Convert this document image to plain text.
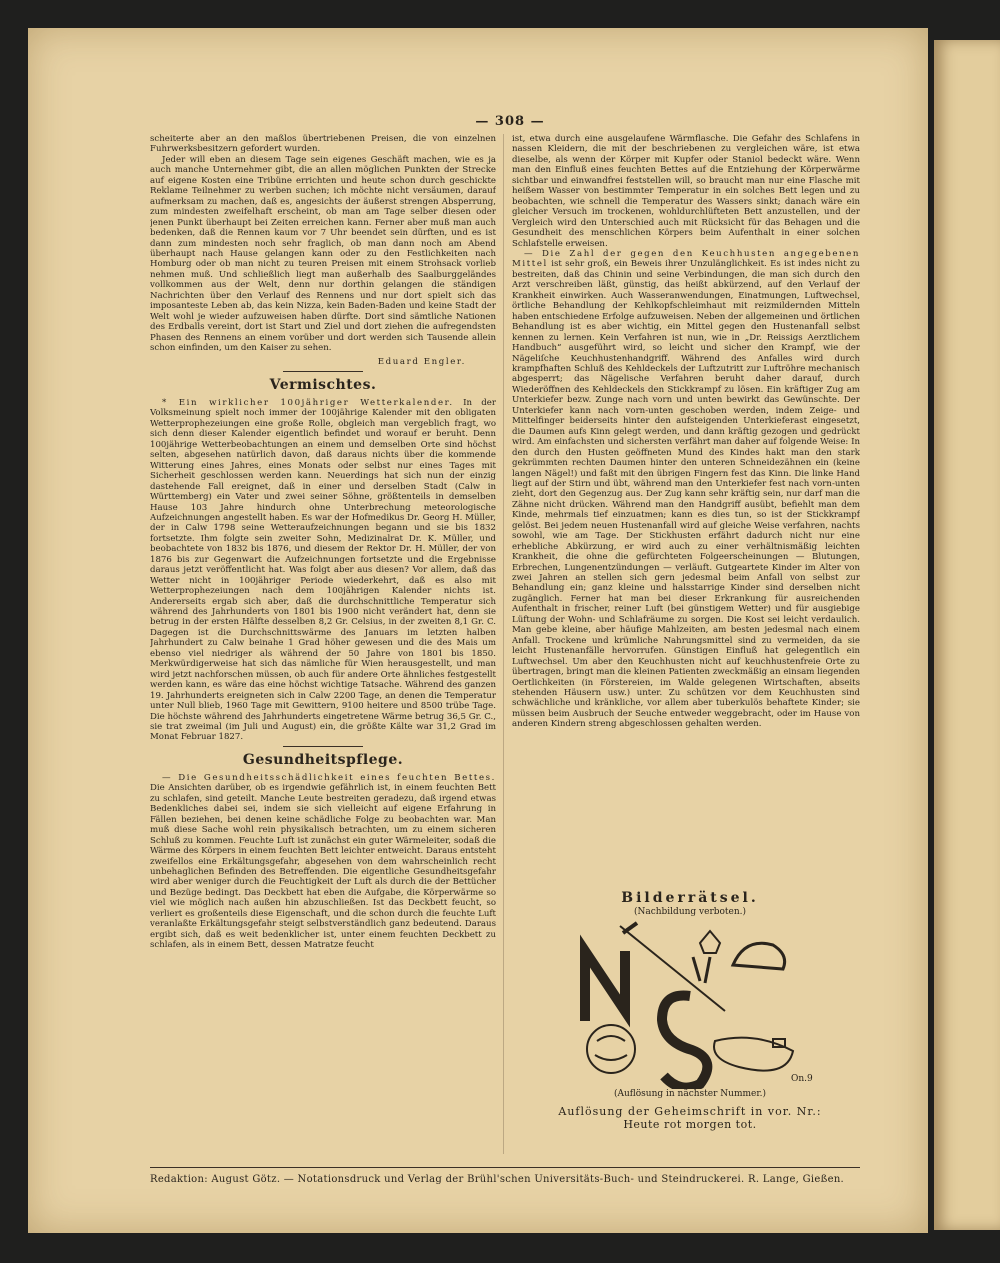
— 308 —

scheiterte aber an den maßlos übertriebenen Preisen, die von einzelnen Fuhrwerksbesitzern gefordert wurden.

Jeder will eben an diesem Tage sein eigenes Geschäft machen, wie es ja auch manche Unternehmer gibt, die an allen möglichen Punkten der Strecke auf eigene Kosten eine Tribüne errichten und heute schon durch geschickte Reklame Teilnehmer zu werben suchen; ich möchte nicht versäumen, darauf aufmerksam zu machen, daß es, angesichts der äußerst strengen Absperrung, zum mindesten zweifelhaft erscheint, ob man am Tage selber diesen oder jenen Punkt überhaupt bei Zeiten erreichen kann. Ferner aber muß man auch bedenken, daß die Rennen kaum vor 7 Uhr beendet sein dürften, und es ist dann zum mindesten noch sehr fraglich, ob man dann noch am Abend überhaupt nach Hause gelangen kann oder zu den Festlichkeiten nach Homburg oder ob man nicht zu teuren Preisen mit einem Strohsack vorlieb nehmen muß. Und schließlich liegt man außerhalb des Saalburggeländes vollkommen aus der Welt, denn nur dorthin gelangen die ständigen Nachrichten über den Verlauf des Rennens und nur dort spielt sich das imposanteste Leben ab, das kein Nizza, kein Baden-Baden und keine Stadt der Welt wohl je wieder aufzuweisen haben dürfte. Dort sind sämtliche Nationen des Erdballs vereint, dort ist Start und Ziel und dort ziehen die aufregendsten Phasen des Rennens an einem vorüber und dort werden sich Tausende allein schon einfinden, um den Kaiser zu sehen.

Eduard Engler.

Vermischtes.

* Ein wirklicher 100jähriger Wetterkalender. In der Volksmeinung spielt noch immer der 100jährige Kalender mit den obligaten Wetterprophezeiungen eine große Rolle, obgleich man vergeblich fragt, wo sich denn dieser Kalender eigentlich befindet und worauf er beruht. Denn 100jährige Wetterbeobachtungen an einem und demselben Orte sind höchst selten, abgesehen natürlich davon, daß daraus nichts über die kommende Witterung eines Jahres, eines Monats oder selbst nur eines Tages mit Sicherheit geschlossen werden kann. Neuerdings hat sich nun der einzig dastehende Fall ereignet, daß in einer und derselben Stadt (Calw in Württemberg) ein Vater und zwei seiner Söhne, größtenteils in demselben Hause 103 Jahre hindurch ohne Unterbrechung meteorologische Aufzeichnungen angestellt haben. Es war der Hofmedikus Dr. Georg H. Müller, der in Calw 1798 seine Wetteraufzeichnungen begann und sie bis 1832 fortsetzte. Ihm folgte sein zweiter Sohn, Medizinalrat Dr. K. Müller, und beobachtete von 1832 bis 1876, und diesem der Rektor Dr. H. Müller, der von 1876 bis zur Gegenwart die Aufzeichnungen fortsetzte und die Ergebnisse daraus jetzt veröffentlicht hat. Was folgt aber aus diesen? Vor allem, daß das Wetter nicht in 100jähriger Periode wiederkehrt, daß es also mit Wetterprophezeiungen nach dem 100jährigen Kalender nichts ist. Andererseits ergab sich aber, daß die durchschnittliche Temperatur sich während des Jahrhunderts von 1801 bis 1900 nicht verändert hat, denn sie betrug in der ersten Hälfte desselben 8,2 Gr. Celsius, in der zweiten 8,1 Gr. C. Dagegen ist die Durchschnittswärme des Januars im letzten halben Jahrhundert zu Calw beinahe 1 Grad höher gewesen und die des Mais um ebenso viel niedriger als während der 50 Jahre von 1801 bis 1850. Merkwürdigerweise hat sich das nämliche für Wien herausgestellt, und man wird jetzt nachforschen müssen, ob auch für andere Orte ähnliches festgestellt werden kann, es wäre das eine höchst wichtige Tatsache. Während des ganzen 19. Jahrhunderts ereigneten sich in Calw 2200 Tage, an denen die Temperatur unter Null blieb, 1960 Tage mit Gewittern, 9100 heitere und 8500 trübe Tage. Die höchste während des Jahrhunderts eingetretene Wärme betrug 36,5 Gr. C., sie trat zweimal (im Juli und August) ein, die größte Kälte war 31,2 Grad im Monat Februar 1827.

Gesundheitspflege.

— Die Gesundheitsschädlichkeit eines feuchten Bettes. Die Ansichten darüber, ob es irgendwie gefährlich ist, in einem feuchten Bett zu schlafen, sind geteilt. Manche Leute bestreiten geradezu, daß irgend etwas Bedenkliches dabei sei, indem sie sich vielleicht auf eigene Erfahrung in Fällen beziehen, bei denen keine schädliche Folge zu beobachten war. Man muß diese Sache wohl rein physikalisch betrachten, um zu einem sicheren Schluß zu kommen. Feuchte Luft ist zunächst ein guter Wärmeleiter, sodaß die Wärme des Körpers in einem feuchten Bett leichter entweicht. Daraus entsteht zweifellos eine Erkältungsgefahr, abgesehen von dem wahrscheinlich recht unbehaglichen Befinden des Betreffenden. Die eigentliche Gesundheitsgefahr wird aber weniger durch die Feuchtigkeit der Luft als durch die der Bettücher und Bezüge bedingt. Das Deckbett hat eben die Aufgabe, die Körperwärme so viel wie möglich nach außen hin abzuschließen. Ist das Deckbett feucht, so verliert es großenteils diese Eigenschaft, und die schon durch die feuchte Luft veranlaßte Erkältungsgefahr steigt selbstverständlich ganz bedeutend. Daraus ergibt sich, daß es weit bedenklicher ist, unter einem feuchten Deckbett zu schlafen, als in einem Bett, dessen Matratze feucht

ist, etwa durch eine ausgelaufene Wärmflasche. Die Gefahr des Schlafens in nassen Kleidern, die mit der beschriebenen zu vergleichen wäre, ist etwa dieselbe, als wenn der Körper mit Kupfer oder Staniol bedeckt wäre. Wenn man den Einfluß eines feuchten Bettes auf die Entziehung der Körperwärme sichtbar und einwandfrei feststellen will, so braucht man nur eine Flasche mit heißem Wasser von bestimmter Temperatur in ein solches Bett legen und zu beobachten, wie schnell die Temperatur des Wassers sinkt; danach wäre ein gleicher Versuch im trockenen, wohldurchlüfteten Bett anzustellen, und der Vergleich wird den Unterschied auch mit Rücksicht für das Behagen und die Gesundheit des menschlichen Körpers beim Aufenthalt in einer solchen Schlafstelle erweisen.

— Die Zahl der gegen den Keuchhusten angegebenen Mittel ist sehr groß, ein Beweis ihrer Unzulänglichkeit. Es ist indes nicht zu bestreiten, daß das Chinin und seine Verbindungen, die man sich durch den Arzt verschreiben läßt, günstig, das heißt abkürzend, auf den Verlauf der Krankheit einwirken. Auch Wasseranwendungen, Einatmungen, Luftwechsel, örtliche Behandlung der Kehlkopfschleimhaut mit reizmildernden Mitteln haben entschiedene Erfolge aufzuweisen. Neben der allgemeinen und örtlichen Behandlung ist es aber wichtig, ein Mittel gegen den Hustenanfall selbst kennen zu lernen. Kein Verfahren ist nun, wie in „Dr. Reissigs Aerztlichem Handbuch“ ausgeführt wird, so leicht und sicher den Krampf, wie der Nägeliſche Keuchhustenhandgriff. Während des Anfalles wird durch krampfhaften Schluß des Kehldeckels der Luftzutritt zur Luftröhre mechanisch abgesperrt; das Nägelische Verfahren beruht daher darauf, durch Wiederöffnen des Kehldeckels den Stickkrampf zu lösen. Ein kräftiger Zug am Unterkiefer bezw. Zunge nach vorn und unten bewirkt das Gewünschte. Der Unterkiefer kann nach vorn-unten geschoben werden, indem Zeige- und Mittelfinger beiderseits hinter den aufsteigenden Unterkieferast eingesetzt, die Daumen aufs Kinn gelegt werden, und dann kräftig gezogen und gedrückt wird. Am einfachsten und sichersten verfährt man daher auf folgende Weise: In den durch den Husten geöffneten Mund des Kindes hakt man den stark gekrümmten rechten Daumen hinter den unteren Schneidezähnen ein (keine langen Nägel!) und faßt mit den übrigen Fingern fest das Kinn. Die linke Hand liegt auf der Stirn und übt, während man den Unterkiefer fest nach vorn-unten zieht, dort den Gegenzug aus. Der Zug kann sehr kräftig sein, nur darf man die Zähne nicht drücken. Während man den Handgriff ausübt, befiehlt man dem Kinde, mehrmals tief einzuatmen; kann es dies tun, so ist der Stickkrampf gelöst. Bei jedem neuen Hustenanfall wird auf gleiche Weise verfahren, nachts sowohl, wie am Tage. Der Stickhusten erfährt dadurch nicht nur eine erhebliche Abkürzung, er wird auch zu einer verhältnismäßig leichten Krankheit, die ohne die gefürchteten Folgeerscheinungen — Blutungen, Erbrechen, Lungenentzündungen — verläuft. Gutgeartete Kinder im Alter von zwei Jahren an stellen sich gern jedesmal beim Anfall von selbst zur Behandlung ein; ganz kleine und halsstarrige Kinder sind derselben nicht zugänglich. Ferner hat man bei dieser Erkrankung für ausreichenden Aufenthalt in frischer, reiner Luft (bei günstigem Wetter) und für ausgiebige Lüftung der Wohn- und Schlafräume zu sorgen. Die Kost sei leicht verdaulich. Man gebe kleine, aber häufige Mahlzeiten, am besten jedesmal nach einem Anfall. Trockene und krümliche Nahrungsmittel sind zu vermeiden, da sie leicht Hustenanfälle hervorrufen. Günstigen Einfluß hat gelegentlich ein Luftwechsel. Um aber den Keuchhusten nicht auf keuchhustenfreie Orte zu übertragen, bringt man die kleinen Patienten zweckmäßig an einsam liegenden Oertlichkeiten (in Förstereien, im Walde gelegenen Wirtschaften, abseits stehenden Häusern usw.) unter. Zu schützen vor dem Keuchhusten sind schwächliche und kränkliche, vor allem aber tuberkulös behaftete Kinder; sie müssen beim Ausbruch der Seuche entweder weggebracht, oder im Hause von anderen Kindern streng abgeschlossen gehalten werden.

Bilderrätsel.
(Nachbildung verboten.)
On.9
(Auflösung in nächster Nummer.)
Auflösung der Geheimschrift in vor. Nr.:
Heute rot morgen tot.
Redaktion: August Götz. — Notationsdruck und Verlag der Brühl'schen Universitäts-Buch- und Steindruckerei. R. Lange, Gießen.
